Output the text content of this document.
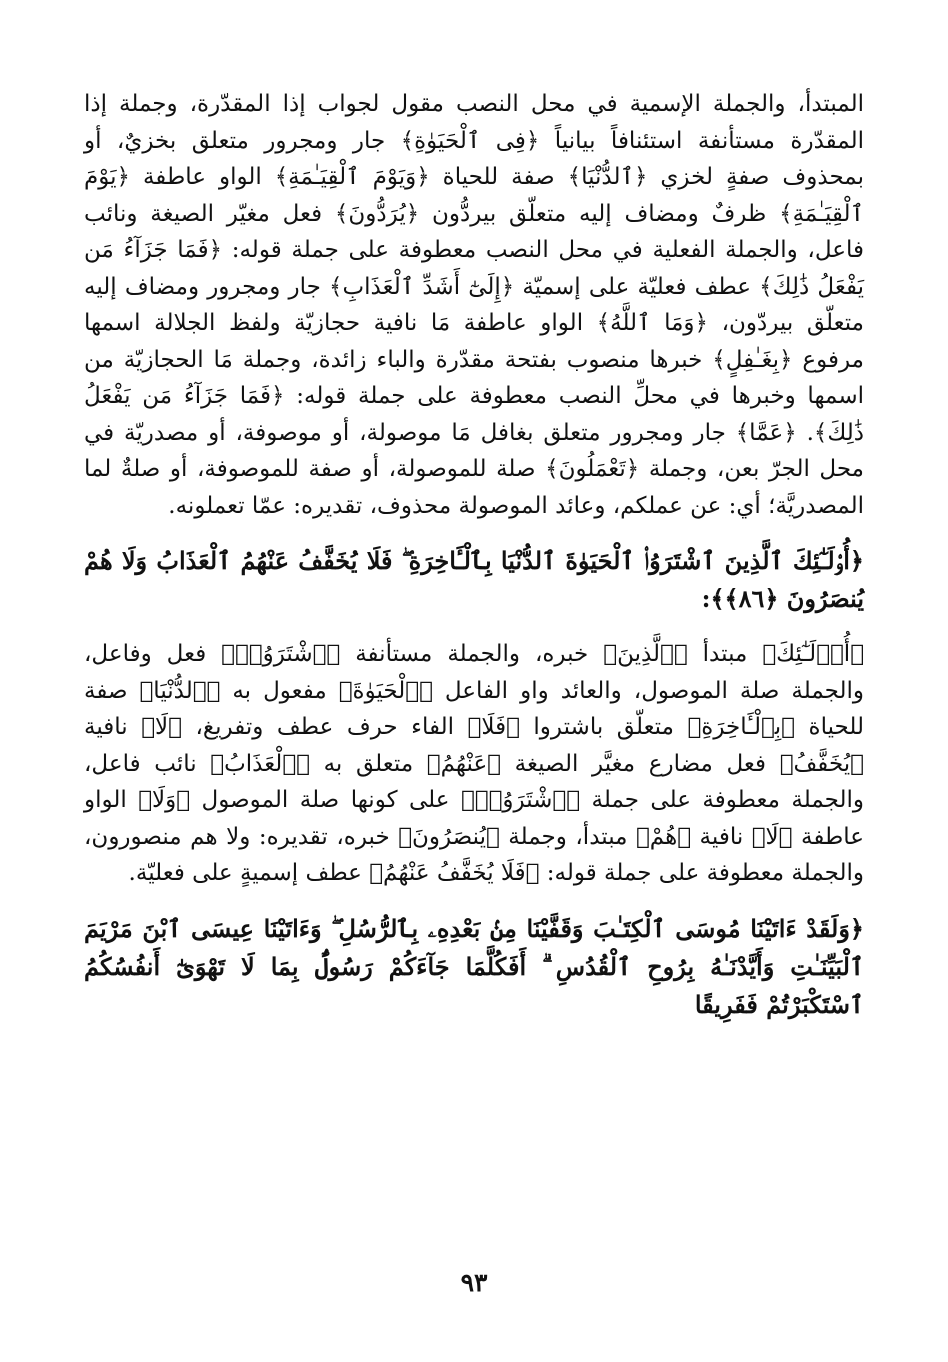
المبتدأ، والجملة الإسمية في محل النصب مقول لجواب إذا المقدّرة، وجملة إذا المقدّرة مستأنفة استئنافاً بيانياً ﴿فِى ٱلْحَيَوٰةِ﴾ جار ومجرور متعلق بخزيٌ، أو بمحذوف صفةٍ لخزي ﴿ٱلدُّنْيَا﴾ صفة للحياة ﴿وَيَوْمَ ٱلْقِيَـٰمَةِ﴾ الواو عاطفة ﴿يَوْمَ ٱلْقِيَـٰمَةِ﴾ ظرفٌ ومضاف إليه متعلّق بيردُّون ﴿يُرَدُّونَ﴾ فعل مغيّر الصيغة ونائب فاعل، والجملة الفعلية في محل النصب معطوفة على جملة قوله: ﴿فَمَا جَزَآءُ مَن يَفْعَلُ ذَٰلِكَ﴾ عطف فعليّة على إسميّة ﴿إِلَىٰٓ أَشَدِّ ٱلْعَذَابِ﴾ جار ومجرور ومضاف إليه متعلّق بيردّون، ﴿وَمَا ٱللَّهُ﴾ الواو عاطفة مَا نافية حجازيّة ولفظ الجلالة اسمها مرفوع ﴿بِغَـٰفِلٍ﴾ خبرها منصوب بفتحة مقدّرة والباء زائدة، وجملة مَا الحجازيّة من اسمها وخبرها في محلِّ النصب معطوفة على جملة قوله: ﴿فَمَا جَزَآءُ مَن يَفْعَلُ ذَٰلِكَ﴾. ﴿عَمَّا﴾ جار ومجرور متعلق بغافل مَا موصولة، أو موصوفة، أو مصدريّة في محل الجرّ بعن، وجملة ﴿تَعْمَلُونَ﴾ صلة للموصولة، أو صفة للموصوفة، أو صلةٌ لما المصدريَّة؛ أي: عن عملكم، وعائد الموصولة محذوف، تقديره: عمّا تعملونه.

﴿أُو۟لَـٰٓئِكَ ٱلَّذِينَ ٱشْتَرَوُا۟ ٱلْحَيَوٰةَ ٱلدُّنْيَا بِٱلْـَٔاخِرَةِ ۖ فَلَا يُخَفَّفُ عَنْهُمُ ٱلْعَذَابُ وَلَا هُمْ يُنصَرُونَ ﴿٨٦﴾﴾:

﴿أُو۟لَـٰٓئِكَ﴾ مبتدأ ﴿ٱلَّذِينَ﴾ خبره، والجملة مستأنفة ﴿ٱشْتَرَوُا۟﴾ فعل وفاعل، والجملة صلة الموصول، والعائد واو الفاعل ﴿ٱلْحَيَوٰةَ﴾ مفعول به ﴿ٱلدُّنْيَا﴾ صفة للحياة ﴿بِٱلْـَٔاخِرَةِ﴾ متعلّق باشتروا ﴿فَلَا﴾ الفاء حرف عطف وتفريغ، ﴿لَا﴾ نافية ﴿يُخَفَّفُ﴾ فعل مضارع مغيَّر الصيغة ﴿عَنْهُمُ﴾ متعلق به ﴿ٱلْعَذَابُ﴾ نائب فاعل، والجملة معطوفة على جملة ﴿ٱشْتَرَوُا۟﴾ على كونها صلة الموصول ﴿وَلَا﴾ الواو عاطفة ﴿لَا﴾ نافية ﴿هُمْ﴾ مبتدأ، وجملة ﴿يُنصَرُونَ﴾ خبره، تقديره: ولا هم منصورون، والجملة معطوفة على جملة قوله: ﴿فَلَا يُخَفَّفُ عَنْهُمُ﴾ عطف إسميةٍ على فعليّة.

﴿وَلَقَدْ ءَاتَيْنَا مُوسَى ٱلْكِتَـٰبَ وَقَفَّيْنَا مِنۢ بَعْدِهِۦ بِٱلرُّسُلِ ۖ وَءَاتَيْنَا عِيسَى ٱبْنَ مَرْيَمَ ٱلْبَيِّنَـٰتِ وَأَيَّدْنَـٰهُ بِرُوحِ ٱلْقُدُسِ ۗ أَفَكُلَّمَا جَآءَكُمْ رَسُولٌۢ بِمَا لَا تَهْوَىٰٓ أَنفُسُكُمُ ٱسْتَكْبَرْتُمْ فَفَرِيقًا

٩٣
